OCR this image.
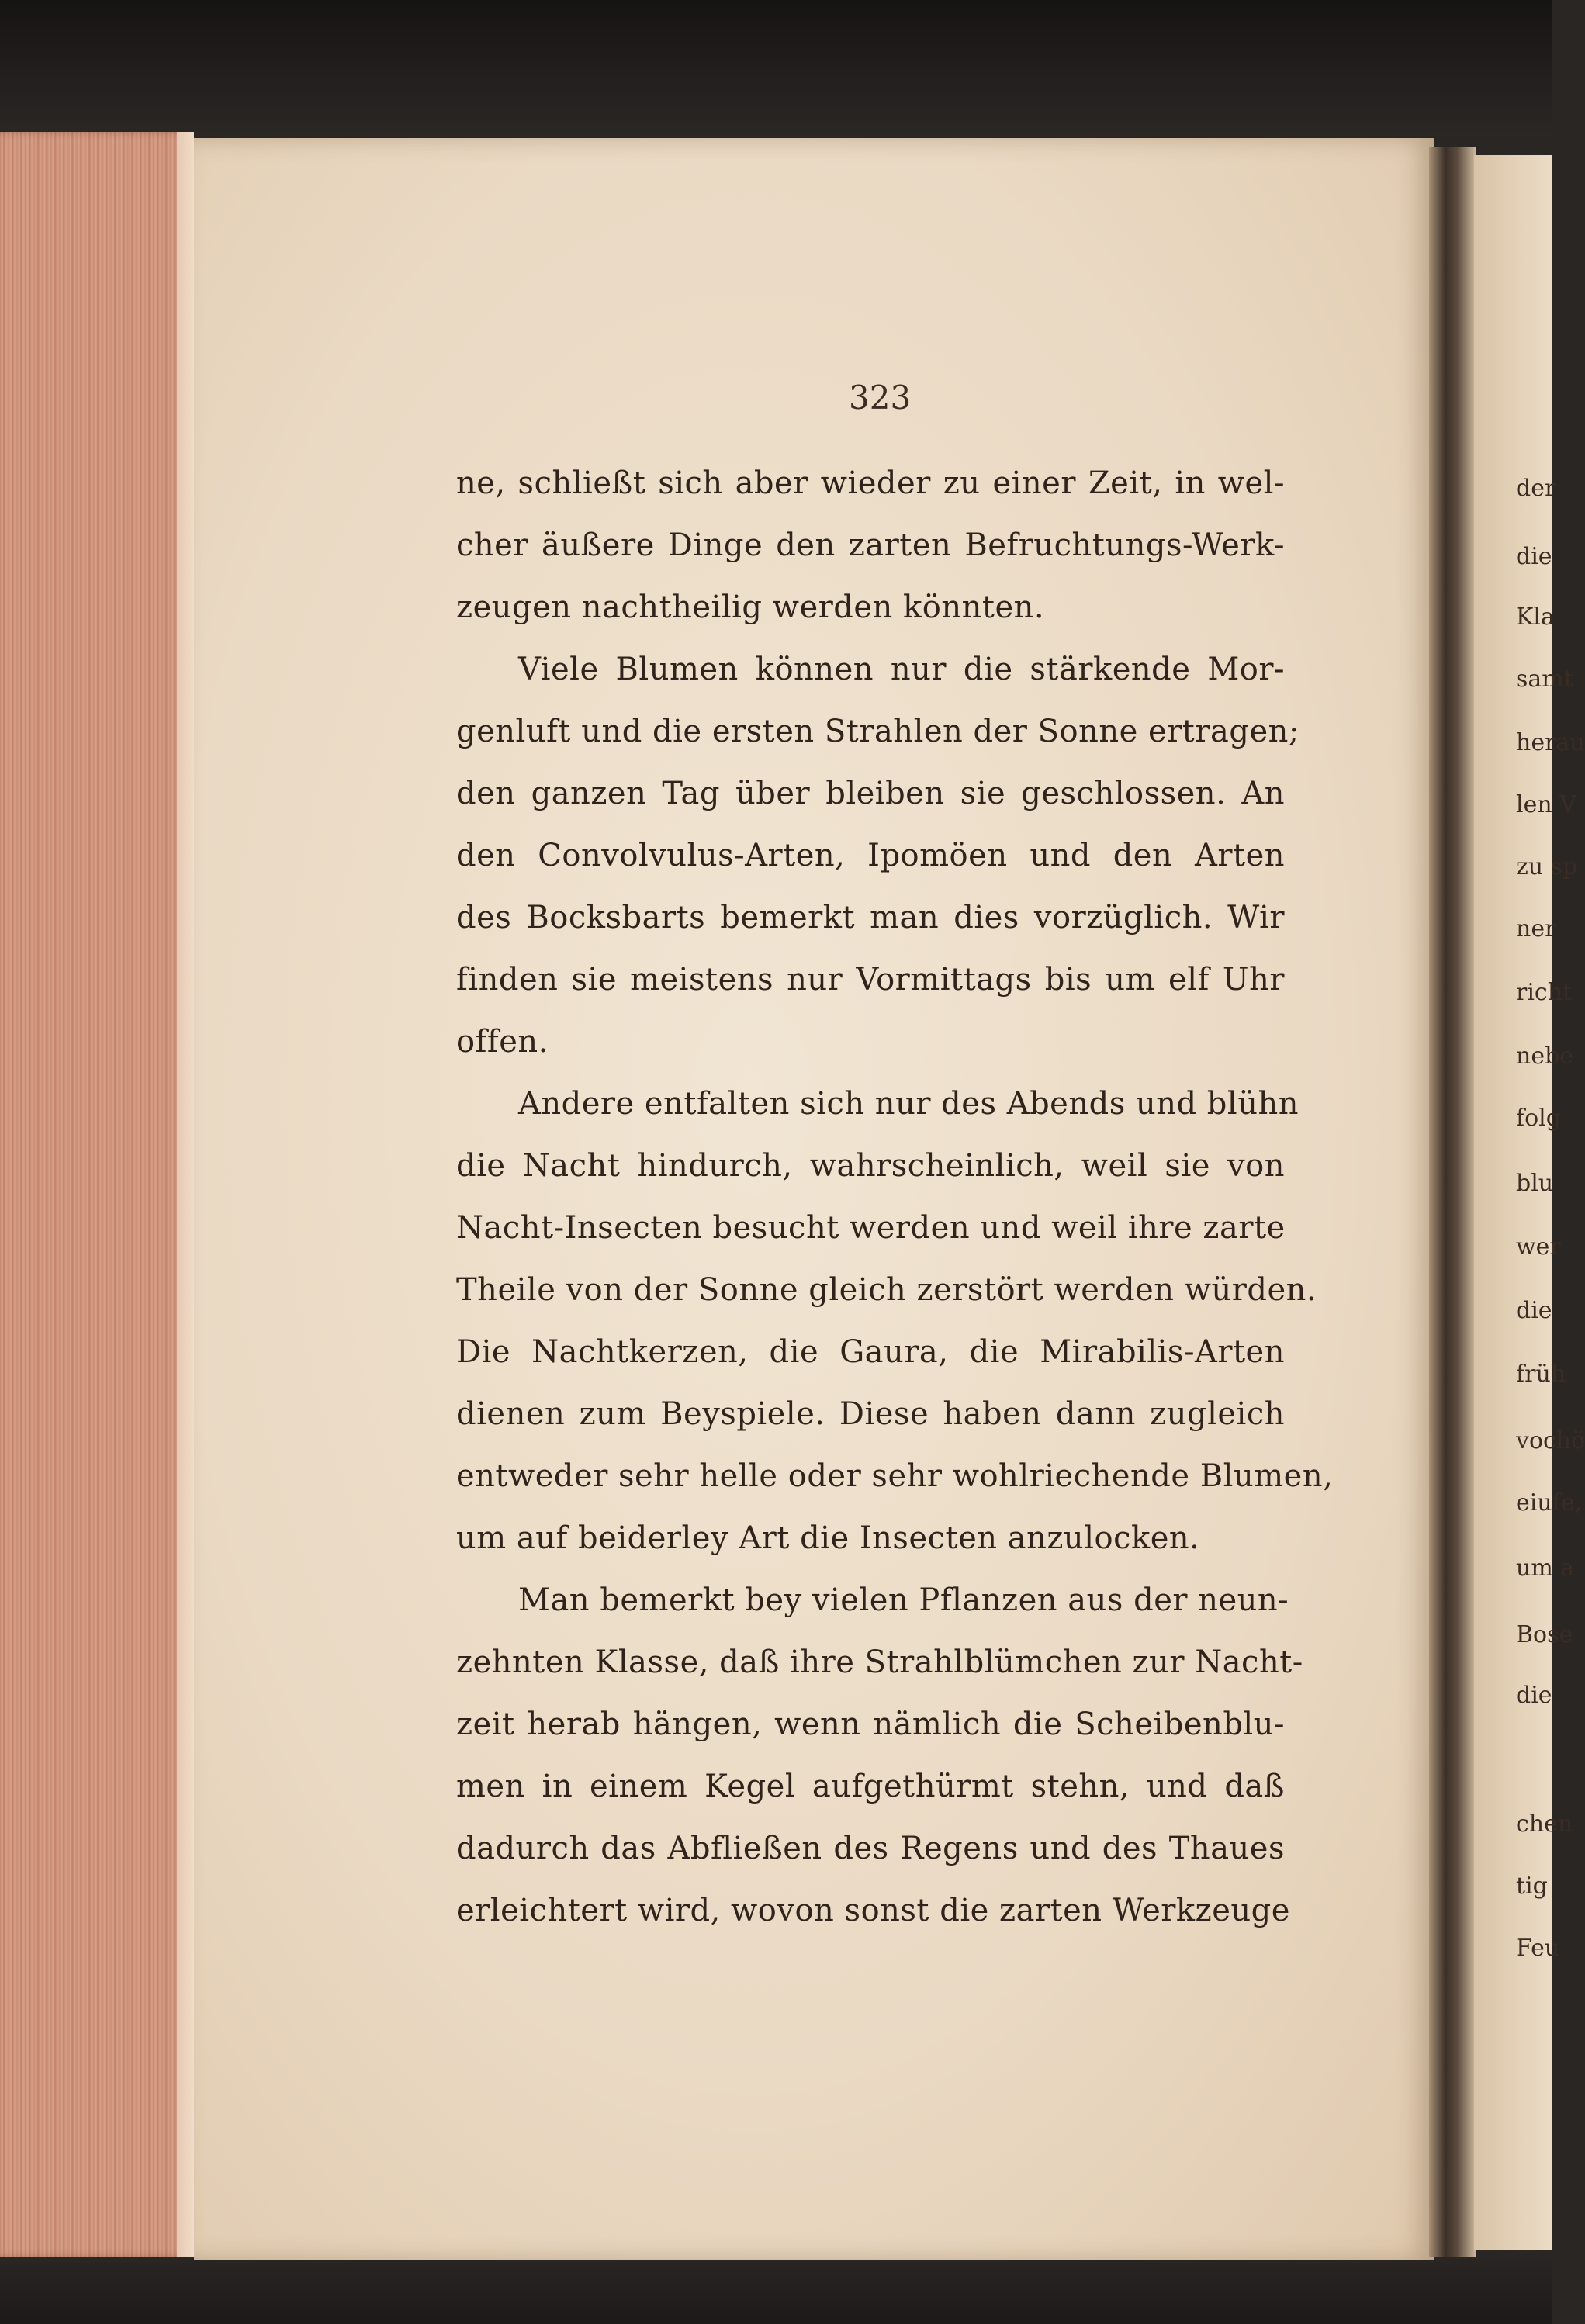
323
ne, schließt sich aber wieder zu einer Zeit, in wel-
cher äußere Dinge den zarten Befruchtungs-Werk-
zeugen nachtheilig werden könnten.
Viele Blumen können nur die stärkende Mor-
genluft und die ersten Strahlen der Sonne ertragen;
den ganzen Tag über bleiben sie geschlossen. An
den Convolvulus-Arten, Ipomöen und den Arten
des Bocksbarts bemerkt man dies vorzüglich. Wir
finden sie meistens nur Vormittags bis um elf Uhr
offen.
Andere entfalten sich nur des Abends und blühn
die Nacht hindurch, wahrscheinlich, weil sie von
Nacht-Insecten besucht werden und weil ihre zarte
Theile von der Sonne gleich zerstört werden würden.
Die Nachtkerzen, die Gaura, die Mirabilis-Arten
dienen zum Beyspiele. Diese haben dann zugleich
entweder sehr helle oder sehr wohlriechende Blumen,
um auf beiderley Art die Insecten anzulocken.
Man bemerkt bey vielen Pflanzen aus der neun-
zehnten Klasse, daß ihre Strahlblümchen zur Nacht-
zeit herab hängen, wenn nämlich die Scheibenblu-
men in einem Kegel aufgethürmt stehn, und daß
dadurch das Abfließen des Regens und des Thaues
erleichtert wird, wovon sonst die zarten Werkzeuge
der
die
Kla
samt
herau
len V
zu sp
ner
richt
nebe
folg
blu
wer
die
früh
vochö
eiufe,
um a
Bose
die
chen
tig
Feu
